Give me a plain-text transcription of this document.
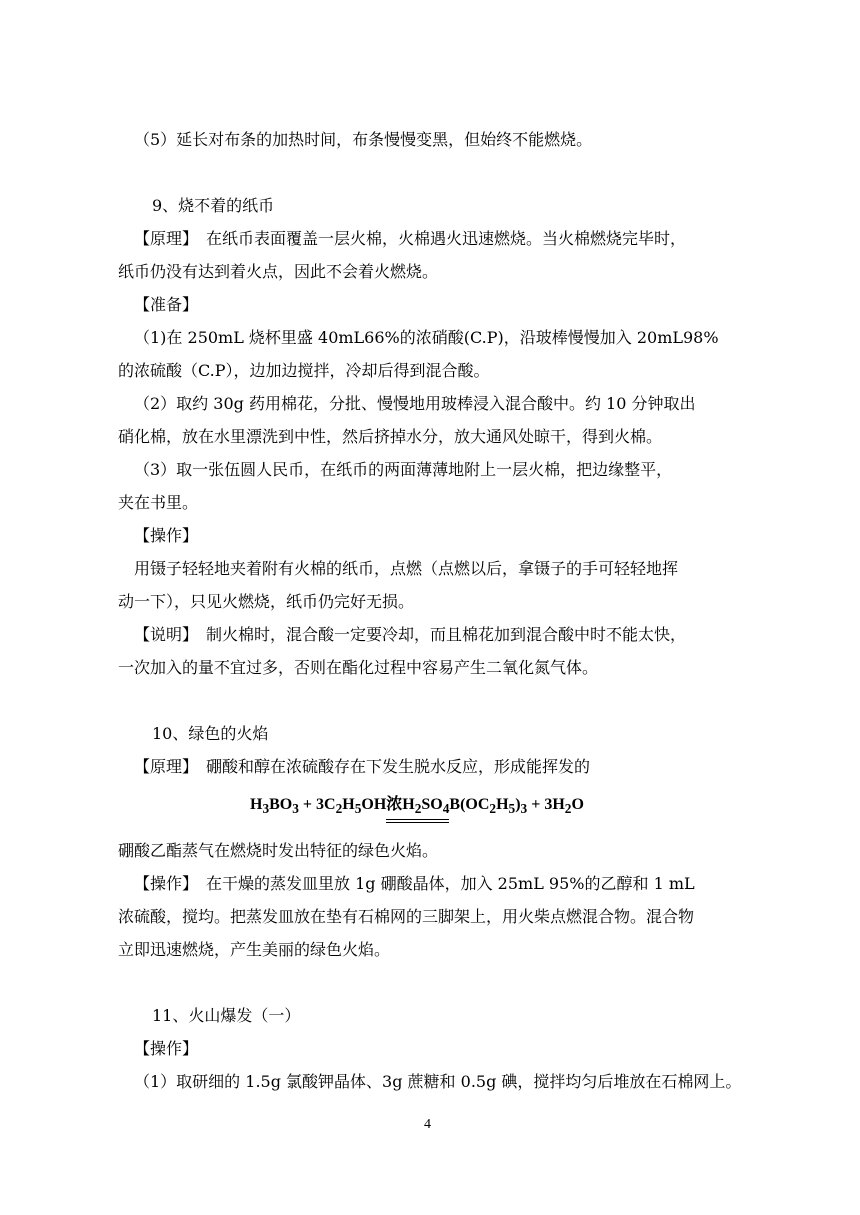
（5）延长对布条的加热时间，布条慢慢变黑，但始终不能燃烧。
9、烧不着的纸币
【原理】　在纸币表面覆盖一层火棉，火棉遇火迅速燃烧。当火棉燃烧完毕时，
纸币仍没有达到着火点，因此不会着火燃烧。
【准备】
（1)在 250mL 烧杯里盛 40mL66%的浓硝酸(C.P)，沿玻棒慢慢加入 20mL98%
的浓硫酸（C.P），边加边搅拌，冷却后得到混合酸。
（2）取约 30g 药用棉花，分批、慢慢地用玻棒浸入混合酸中。约 10 分钟取出
硝化棉，放在水里漂洗到中性，然后挤掉水分，放大通风处晾干，得到火棉。
（3）取一张伍圆人民币，在纸币的两面薄薄地附上一层火棉，把边缘整平，
夹在书里。
【操作】
用镊子轻轻地夹着附有火棉的纸币，点燃（点燃以后，拿镊子的手可轻轻地挥
动一下），只见火燃烧，纸币仍完好无损。
【说明】　制火棉时，混合酸一定要冷却，而且棉花加到混合酸中时不能太快，
一次加入的量不宜过多，否则在酯化过程中容易产生二氧化氮气体。
10、绿色的火焰
【原理】　硼酸和醇在浓硫酸存在下发生脱水反应，形成能挥发的
$H_3BO_3 + 3C_2H_5OH$浓$H_2SO_4B(OC_2H_5)_3 + 3H_2O$
硼酸乙酯蒸气在燃烧时发出特征的绿色火焰。
【操作】　在干燥的蒸发皿里放 1g 硼酸晶体，加入 25mL 95%的乙醇和 1 mL
浓硫酸，搅均。把蒸发皿放在垫有石棉网的三脚架上，用火柴点燃混合物。混合物
立即迅速燃烧，产生美丽的绿色火焰。
11、火山爆发（一）
【操作】
（1）取研细的 1.5g 氯酸钾晶体、3g 蔗糖和 0.5g 碘，搅拌均匀后堆放在石棉网上。
4
